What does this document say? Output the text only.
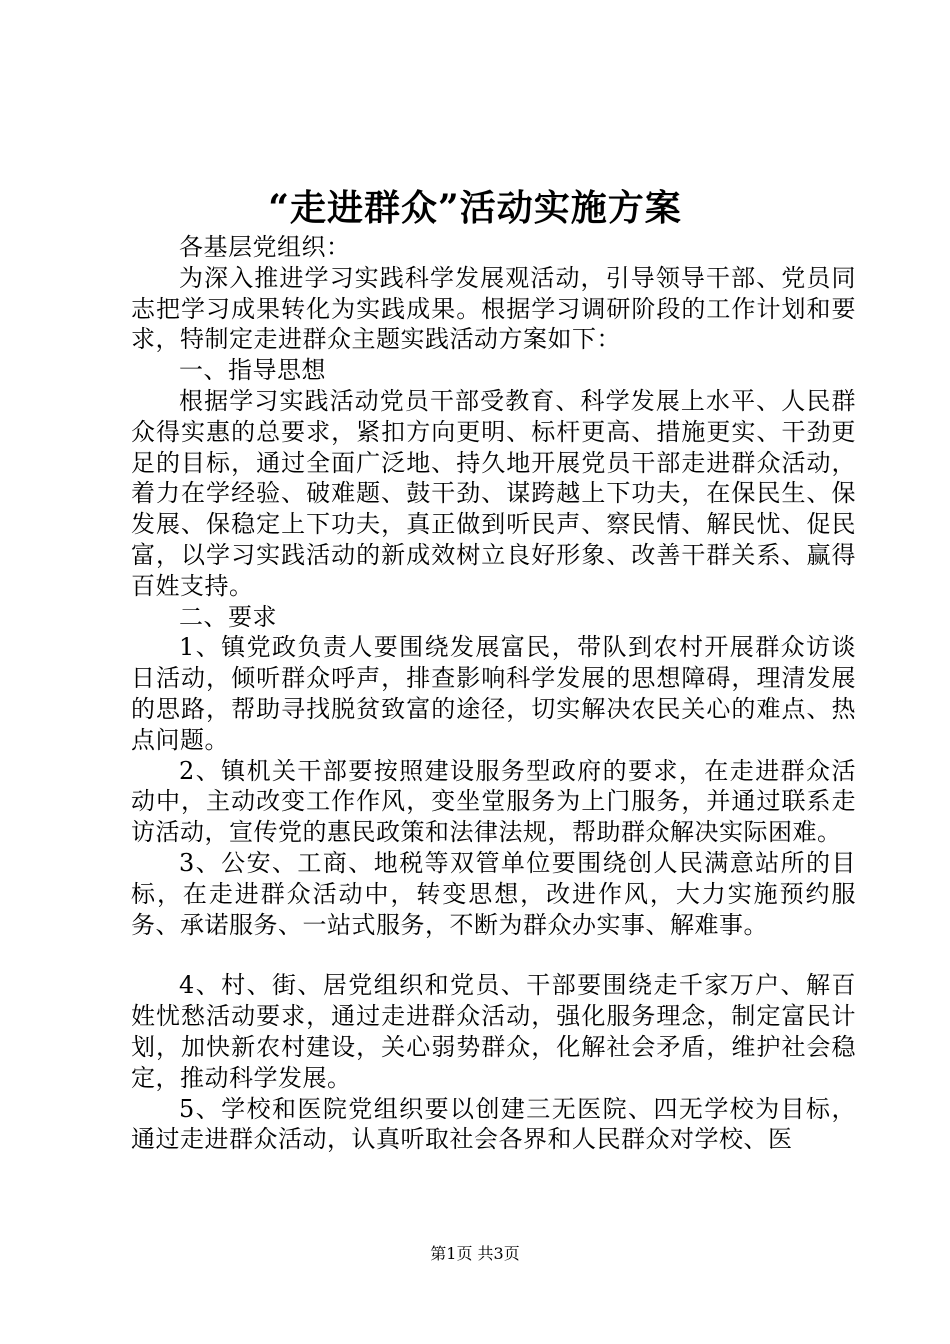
“走进群众”活动实施方案

各基层党组织：

为深入推进学习实践科学发展观活动，引导领导干部、党员同志把学习成果转化为实践成果。根据学习调研阶段的工作计划和要求，特制定走进群众主题实践活动方案如下：

一、指导思想

根据学习实践活动党员干部受教育、科学发展上水平、人民群众得实惠的总要求，紧扣方向更明、标杆更高、措施更实、干劲更足的目标，通过全面广泛地、持久地开展党员干部走进群众活动，着力在学经验、破难题、鼓干劲、谋跨越上下功夫，在保民生、保发展、保稳定上下功夫，真正做到听民声、察民情、解民忧、促民富，以学习实践活动的新成效树立良好形象、改善干群关系、赢得百姓支持。

二、要求

1、镇党政负责人要围绕发展富民，带队到农村开展群众访谈日活动，倾听群众呼声，排查影响科学发展的思想障碍，理清发展的思路，帮助寻找脱贫致富的途径，切实解决农民关心的难点、热点问题。

2、镇机关干部要按照建设服务型政府的要求，在走进群众活动中，主动改变工作作风，变坐堂服务为上门服务，并通过联系走访活动，宣传党的惠民政策和法律法规，帮助群众解决实际困难。

3、公安、工商、地税等双管单位要围绕创人民满意站所的目标，在走进群众活动中，转变思想，改进作风，大力实施预约服务、承诺服务、一站式服务，不断为群众办实事、解难事。

4、村、街、居党组织和党员、干部要围绕走千家万户、解百姓忧愁活动要求，通过走进群众活动，强化服务理念，制定富民计划，加快新农村建设，关心弱势群众，化解社会矛盾，维护社会稳定，推动科学发展。

5、学校和医院党组织要以创建三无医院、四无学校为目标，通过走进群众活动，认真听取社会各界和人民群众对学校、医

第1页 共3页
